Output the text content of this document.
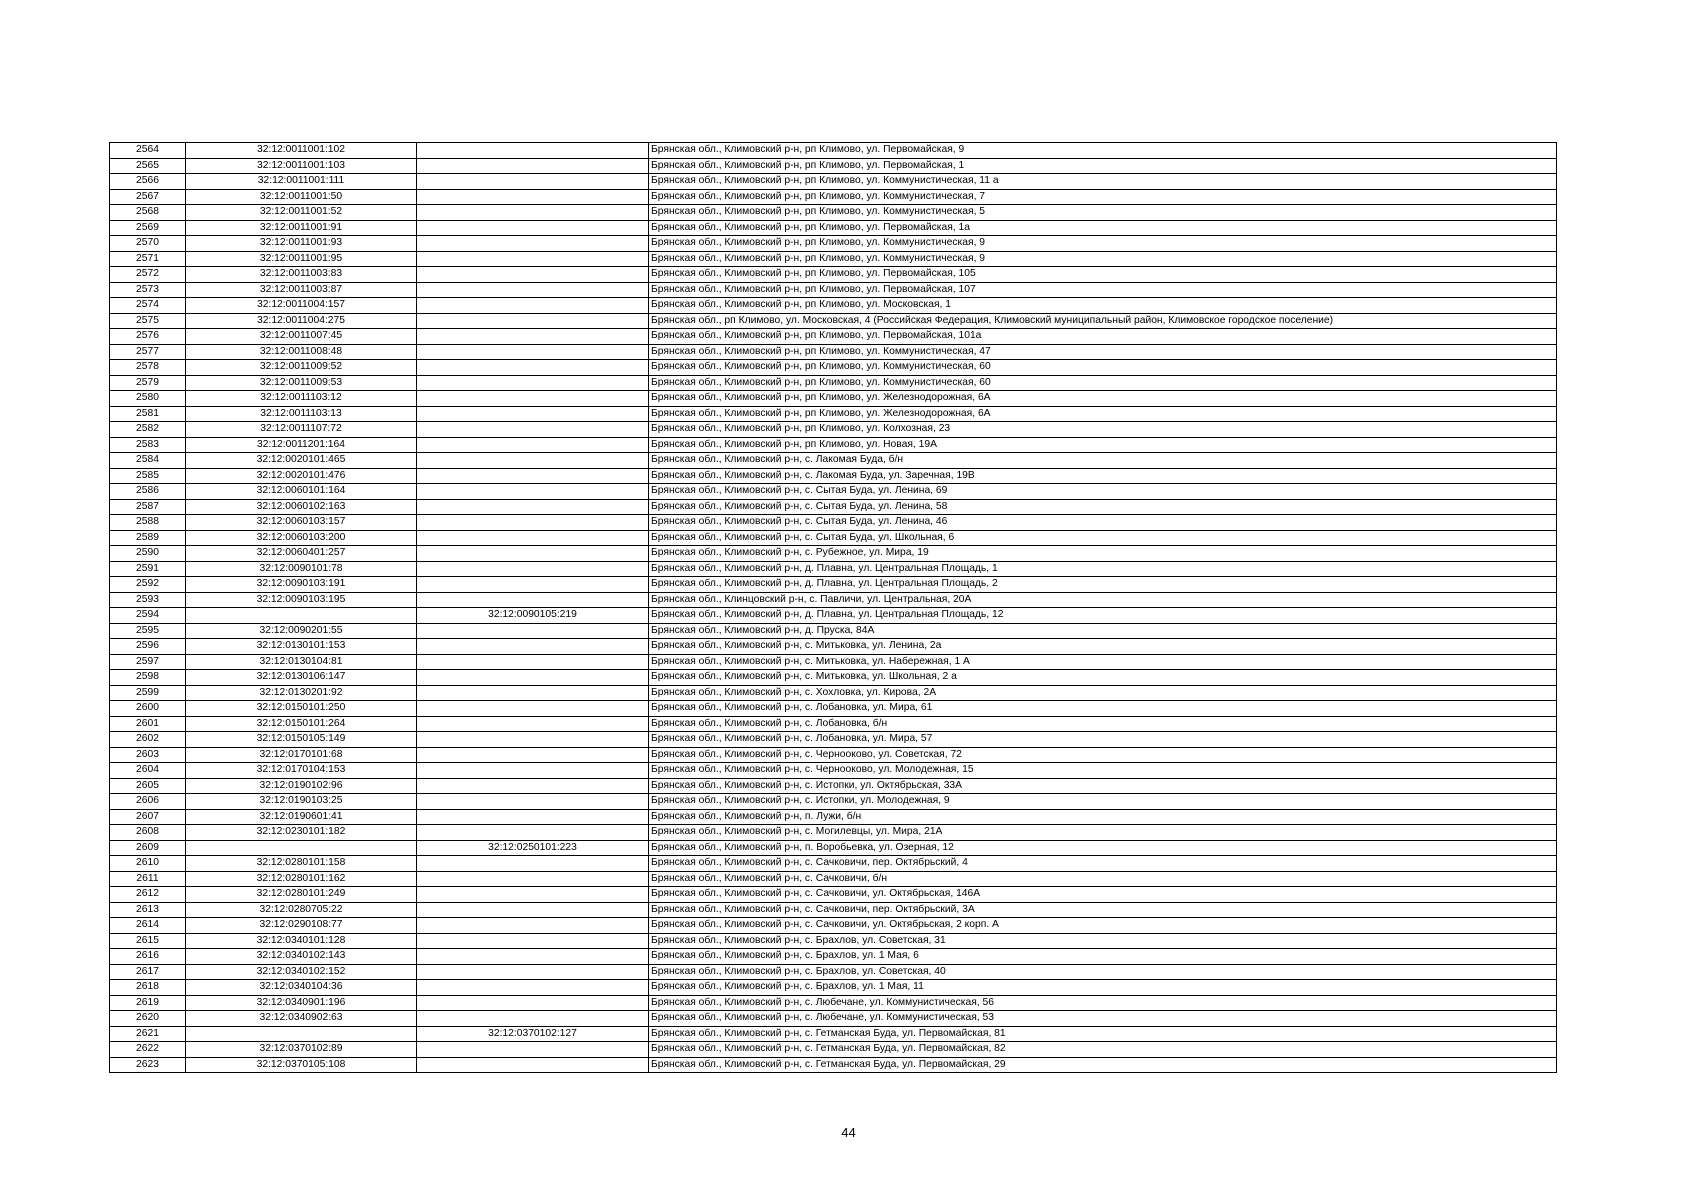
2564	32:12:0011001:102		Брянская обл., Климовский р-н, рп Климово, ул. Первомайская, 9
2565	32:12:0011001:103		Брянская обл., Климовский р-н, рп Климово, ул. Первомайская, 1
2566	32:12:0011001:111		Брянская обл., Климовский р-н, рп Климово, ул. Коммунистическая, 11 а
2567	32:12:0011001:50		Брянская обл., Климовский р-н, рп Климово, ул. Коммунистическая, 7
2568	32:12:0011001:52		Брянская обл., Климовский р-н, рп Климово, ул. Коммунистическая, 5
2569	32:12:0011001:91		Брянская обл., Климовский р-н, рп Климово, ул. Первомайская, 1а
2570	32:12:0011001:93		Брянская обл., Климовский р-н, рп Климово, ул. Коммунистическая, 9
2571	32:12:0011001:95		Брянская обл., Климовский р-н, рп Климово, ул. Коммунистическая, 9
2572	32:12:0011003:83		Брянская обл., Климовский р-н, рп Климово, ул. Первомайская, 105
2573	32:12:0011003:87		Брянская обл., Климовский р-н, рп Климово, ул. Первомайская, 107
2574	32:12:0011004:157		Брянская обл., Климовский р-н, рп Климово, ул. Московская, 1
2575	32:12:0011004:275		Брянская обл., рп Климово, ул. Московская, 4 (Российская Федерация, Климовский муниципальный район, Климовское городское поселение)
2576	32:12:0011007:45		Брянская обл., Климовский р-н, рп Климово, ул. Первомайская, 101а
2577	32:12:0011008:48		Брянская обл., Климовский р-н, рп Климово, ул. Коммунистическая, 47
2578	32:12:0011009:52		Брянская обл., Климовский р-н, рп Климово, ул. Коммунистическая, 60
2579	32:12:0011009:53		Брянская обл., Климовский р-н, рп Климово, ул. Коммунистическая, 60
2580	32:12:0011103:12		Брянская обл., Климовский р-н, рп Климово, ул. Железнодорожная, 6А
2581	32:12:0011103:13		Брянская обл., Климовский р-н, рп Климово, ул. Железнодорожная, 6А
2582	32:12:0011107:72		Брянская обл., Климовский р-н, рп Климово, ул. Колхозная, 23
2583	32:12:0011201:164		Брянская обл., Климовский р-н, рп Климово, ул. Новая, 19А
2584	32:12:0020101:465		Брянская обл., Климовский р-н, с. Лакомая Буда, б/н
2585	32:12:0020101:476		Брянская обл., Климовский р-н, с. Лакомая Буда, ул. Заречная, 19В
2586	32:12:0060101:164		Брянская обл., Климовский р-н, с. Сытая Буда, ул. Ленина, 69
2587	32:12:0060102:163		Брянская обл., Климовский р-н, с. Сытая Буда, ул. Ленина, 58
2588	32:12:0060103:157		Брянская обл., Климовский р-н, с. Сытая Буда, ул. Ленина, 46
2589	32:12:0060103:200		Брянская обл., Климовский р-н, с. Сытая Буда, ул. Школьная, 6
2590	32:12:0060401:257		Брянская обл., Климовский р-н, с. Рубежное, ул. Мира, 19
2591	32:12:0090101:78		Брянская обл., Климовский р-н, д. Плавна, ул. Центральная Площадь, 1
2592	32:12:0090103:191		Брянская обл., Климовский р-н, д. Плавна, ул. Центральная Площадь, 2
2593	32:12:0090103:195		Брянская обл., Клинцовский р-н, с. Павличи, ул. Центральная, 20А
2594		32:12:0090105:219	Брянская обл., Климовский р-н, д. Плавна, ул. Центральная Площадь, 12
2595	32:12:0090201:55		Брянская обл., Климовский р-н, д. Пруска, 84А
2596	32:12:0130101:153		Брянская обл., Климовский р-н, с. Митьковка, ул. Ленина, 2а
2597	32:12:0130104:81		Брянская обл., Климовский р-н, с. Митьковка, ул. Набережная, 1 А
2598	32:12:0130106:147		Брянская обл., Климовский р-н, с. Митьковка, ул. Школьная, 2 а
2599	32:12:0130201:92		Брянская обл., Климовский р-н, с. Хохловка, ул. Кирова, 2А
2600	32:12:0150101:250		Брянская обл., Климовский р-н, с. Лобановка, ул. Мира, 61
2601	32:12:0150101:264		Брянская обл., Климовский р-н, с. Лобановка, б/н
2602	32:12:0150105:149		Брянская обл., Климовский р-н, с. Лобановка, ул. Мира, 57
2603	32:12:0170101:68		Брянская обл., Климовский р-н, с. Чернооково, ул. Советская, 72
2604	32:12:0170104:153		Брянская обл., Климовский р-н, с. Чернооково, ул. Молодежная, 15
2605	32:12:0190102:96		Брянская обл., Климовский р-н, с. Истопки, ул. Октябрьская, 33А
2606	32:12:0190103:25		Брянская обл., Климовский р-н, с. Истопки, ул. Молодежная, 9
2607	32:12:0190601:41		Брянская обл., Климовский р-н, п. Лужи, б/н
2608	32:12:0230101:182		Брянская обл., Климовский р-н, с. Могилевцы, ул. Мира, 21А
2609		32:12:0250101:223	Брянская обл., Климовский р-н, п. Воробьевка, ул. Озерная, 12
2610	32:12:0280101:158		Брянская обл., Климовский р-н, с. Сачковичи, пер. Октябрьский, 4
2611	32:12:0280101:162		Брянская обл., Климовский р-н, с. Сачковичи, б/н
2612	32:12:0280101:249		Брянская обл., Климовский р-н, с. Сачковичи, ул. Октябрьская, 146А
2613	32:12:0280705:22		Брянская обл., Климовский р-н, с. Сачковичи, пер. Октябрьский, 3А
2614	32:12:0290108:77		Брянская обл., Климовский р-н, с. Сачковичи, ул. Октябрьская, 2 корп. А
2615	32:12:0340101:128		Брянская обл., Климовский р-н, с. Брахлов, ул. Советская, 31
2616	32:12:0340102:143		Брянская обл., Климовский р-н, с. Брахлов, ул. 1 Мая, 6
2617	32:12:0340102:152		Брянская обл., Климовский р-н, с. Брахлов, ул. Советская, 40
2618	32:12:0340104:36		Брянская обл., Климовский р-н, с. Брахлов, ул. 1 Мая, 11
2619	32:12:0340901:196		Брянская обл., Климовский р-н, с. Любечане, ул. Коммунистическая, 56
2620	32:12:0340902:63		Брянская обл., Климовский р-н, с. Любечане, ул. Коммунистическая, 53
2621		32:12:0370102:127	Брянская обл., Климовский р-н, с. Гетманская Буда, ул. Первомайская, 81
2622	32:12:0370102:89		Брянская обл., Климовский р-н, с. Гетманская Буда, ул. Первомайская, 82
2623	32:12:0370105:108		Брянская обл., Климовский р-н, с. Гетманская Буда, ул. Первомайская, 29
44
